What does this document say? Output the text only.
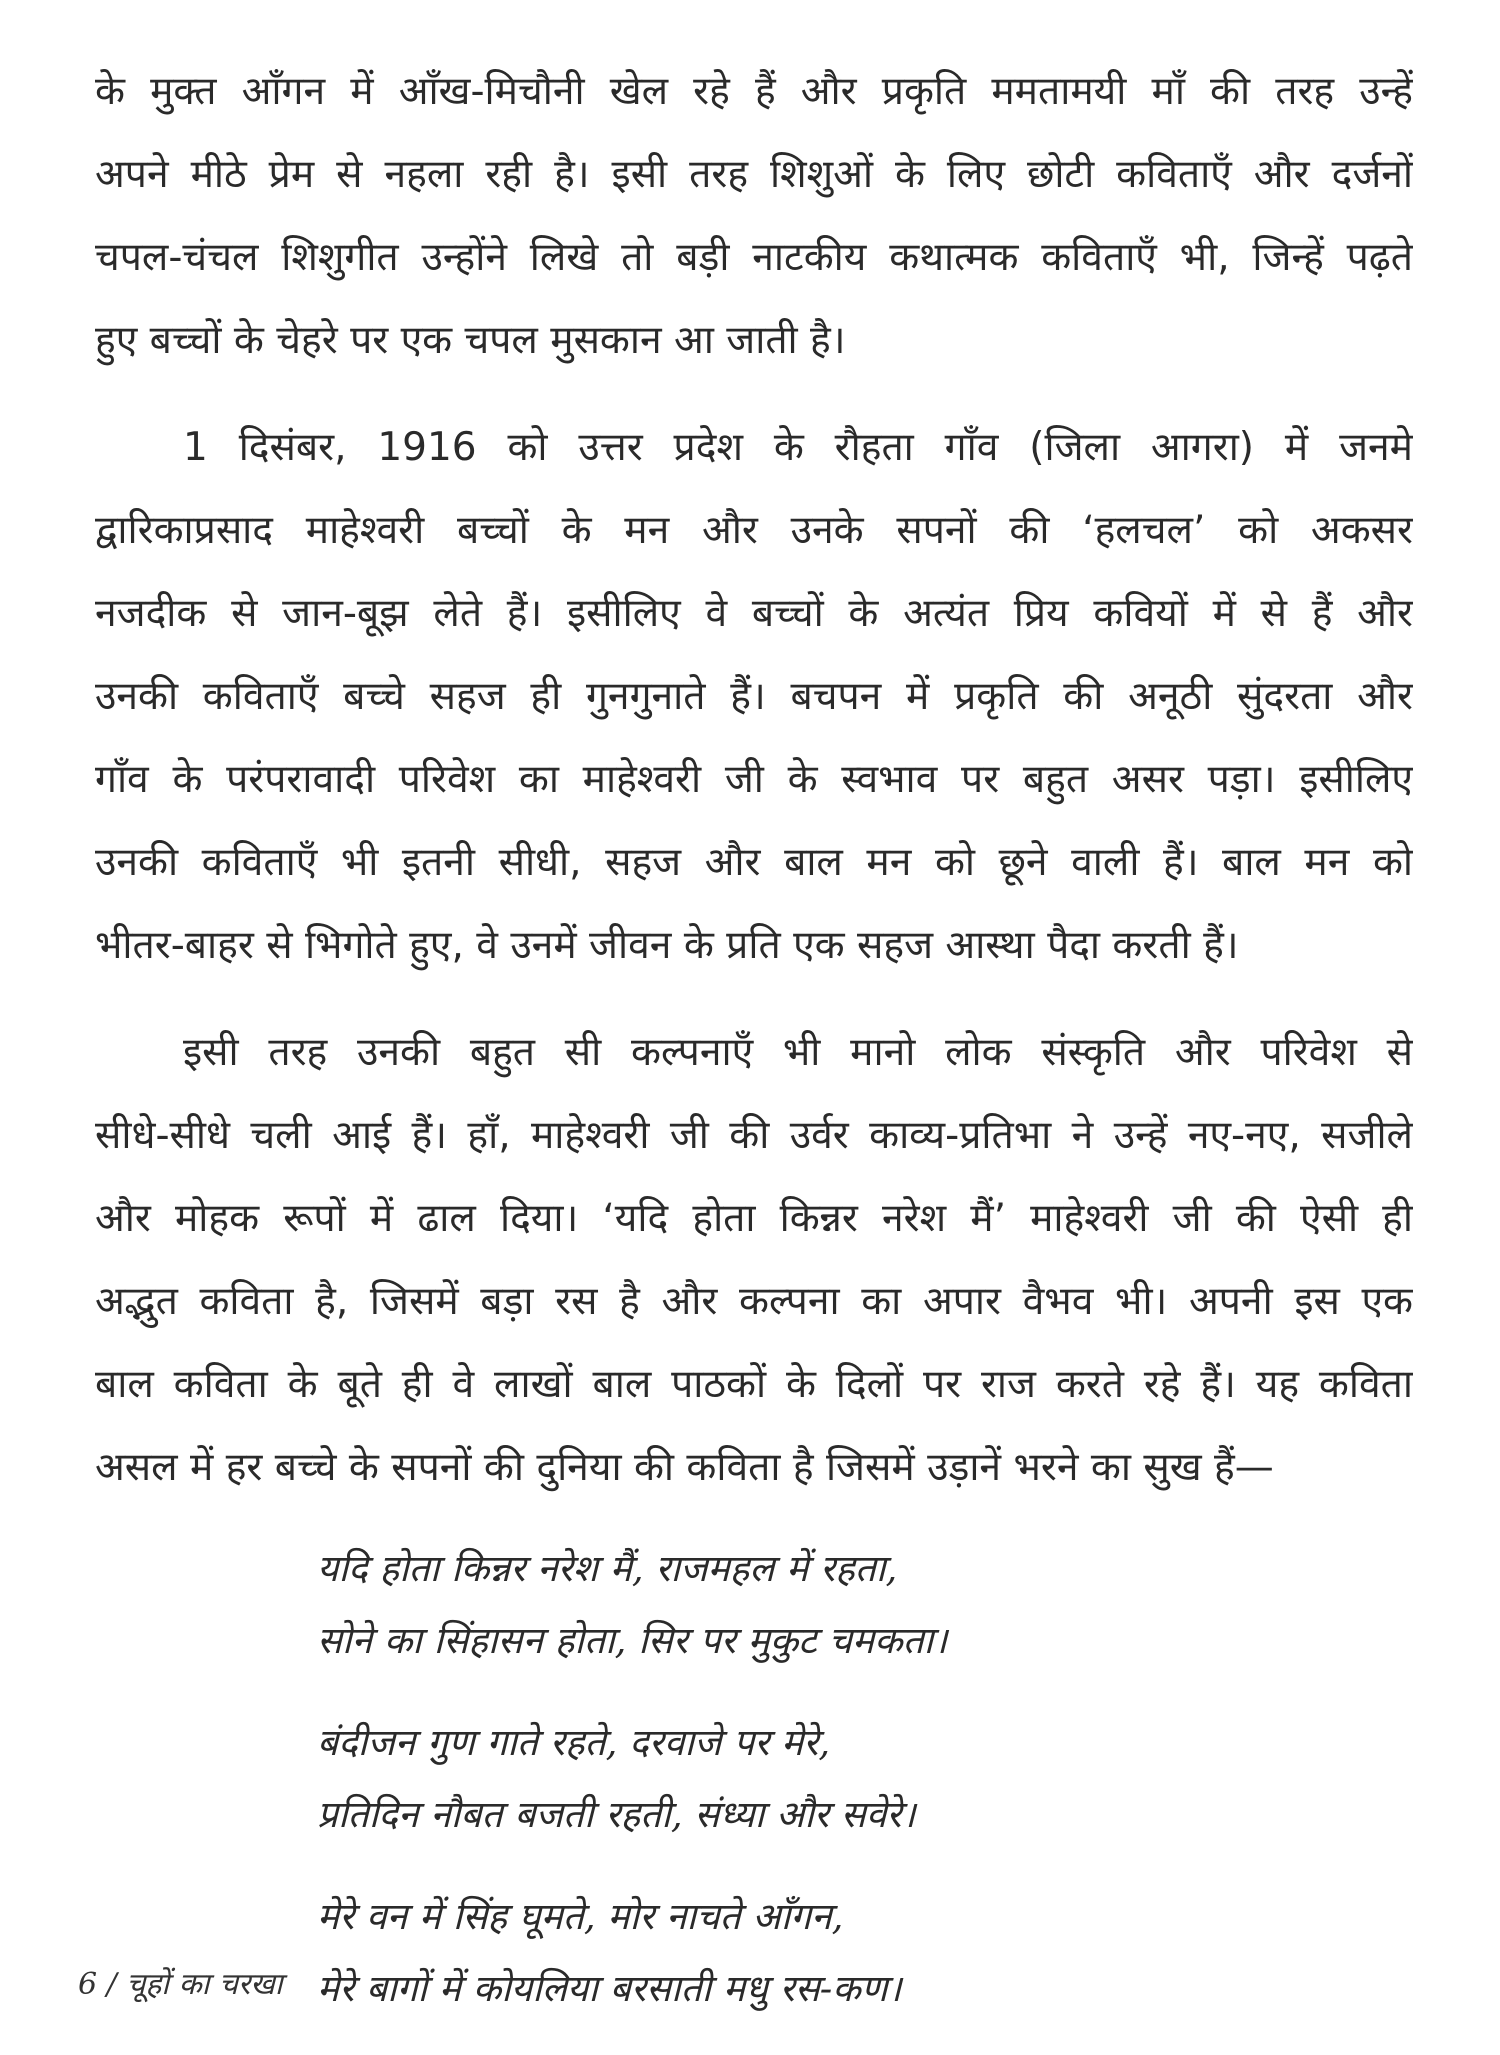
के मुक्त आँगन में आँख-मिचौनी खेल रहे हैं और प्रकृति ममतामयी माँ की तरह उन्हें
अपने मीठे प्रेम से नहला रही है। इसी तरह शिशुओं के लिए छोटी कविताएँ और दर्जनों
चपल-चंचल शिशुगीत उन्होंने लिखे तो बड़ी नाटकीय कथात्मक कविताएँ भी, जिन्हें पढ़ते
हुए बच्चों के चेहरे पर एक चपल मुसकान आ जाती है।

1 दिसंबर, 1916 को उत्तर प्रदेश के रौहता गाँव (जिला आगरा) में जनमे
द्वारिकाप्रसाद माहेश्वरी बच्चों के मन और उनके सपनों की ‘हलचल’ को अकसर
नजदीक से जान-बूझ लेते हैं। इसीलिए वे बच्चों के अत्यंत प्रिय कवियों में से हैं और
उनकी कविताएँ बच्चे सहज ही गुनगुनाते हैं। बचपन में प्रकृति की अनूठी सुंदरता और
गाँव के परंपरावादी परिवेश का माहेश्वरी जी के स्वभाव पर बहुत असर पड़ा। इसीलिए
उनकी कविताएँ भी इतनी सीधी, सहज और बाल मन को छूने वाली हैं। बाल मन को
भीतर-बाहर से भिगोते हुए, वे उनमें जीवन के प्रति एक सहज आस्था पैदा करती हैं।

इसी तरह उनकी बहुत सी कल्पनाएँ भी मानो लोक संस्कृति और परिवेश से
सीधे-सीधे चली आई हैं। हाँ, माहेश्वरी जी की उर्वर काव्य-प्रतिभा ने उन्हें नए-नए, सजीले
और मोहक रूपों में ढाल दिया। ‘यदि होता किन्नर नरेश मैं’ माहेश्वरी जी की ऐसी ही
अद्भुत कविता है, जिसमें बड़ा रस है और कल्पना का अपार वैभव भी। अपनी इस एक
बाल कविता के बूते ही वे लाखों बाल पाठकों के दिलों पर राज करते रहे हैं। यह कविता
असल में हर बच्चे के सपनों की दुनिया की कविता है जिसमें उड़ानें भरने का सुख हैं—

यदि होता किन्नर नरेश मैं, राजमहल में रहता,
सोने का सिंहासन होता, सिर पर मुकुट चमकता।
बंदीजन गुण गाते रहते, दरवाजे पर मेरे,
प्रतिदिन नौबत बजती रहती, संध्या और सवेरे।
मेरे वन में सिंह घूमते, मोर नाचते आँगन,
मेरे बागों में कोयलिया बरसाती मधु रस-कण।
6 / चूहों का चरखा
